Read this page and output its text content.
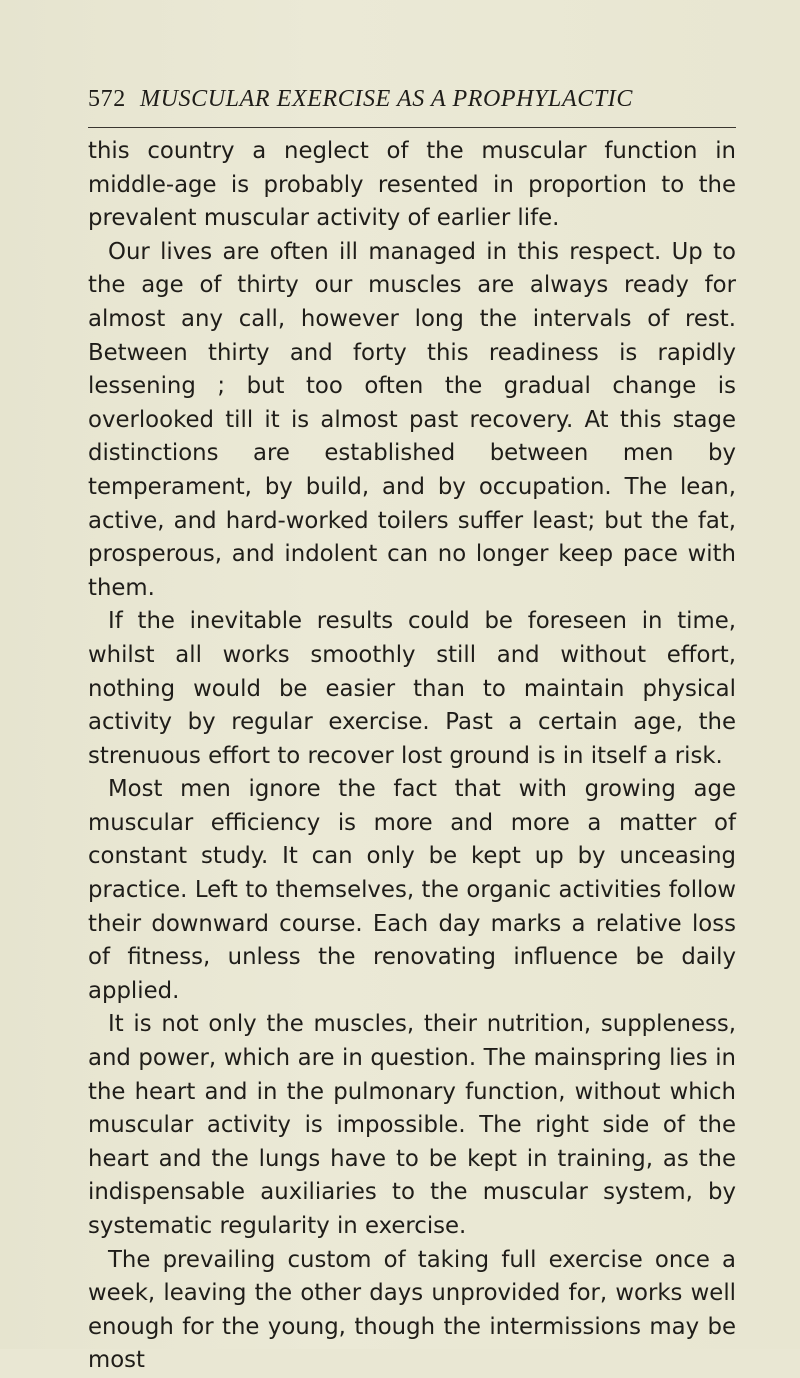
572 MUSCULAR EXERCISE AS A PROPHYLACTIC

this country a neglect of the muscular function in middle-age is probably resented in proportion to the prevalent muscular activity of earlier life.

Our lives are often ill managed in this respect. Up to the age of thirty our muscles are always ready for almost any call, however long the intervals of rest. Between thirty and forty this readiness is rapidly lessening ; but too often the gradual change is overlooked till it is almost past recovery. At this stage distinctions are established between men by temperament, by build, and by occupation. The lean, active, and hard-worked toilers suffer least; but the fat, prosperous, and indolent can no longer keep pace with them.

If the inevitable results could be foreseen in time, whilst all works smoothly still and without effort, nothing would be easier than to maintain physical activity by regular exercise. Past a certain age, the strenuous effort to recover lost ground is in itself a risk.

Most men ignore the fact that with growing age muscular efficiency is more and more a matter of constant study. It can only be kept up by unceasing practice. Left to themselves, the organic activities follow their downward course. Each day marks a relative loss of fitness, unless the renovating influence be daily applied.

It is not only the muscles, their nutrition, suppleness, and power, which are in question. The mainspring lies in the heart and in the pulmonary function, without which muscular activity is impossible. The right side of the heart and the lungs have to be kept in training, as the indispensable auxiliaries to the muscular system, by systematic regularity in exercise.

The prevailing custom of taking full exercise once a week, leaving the other days unprovided for, works well enough for the young, though the intermissions may be most
